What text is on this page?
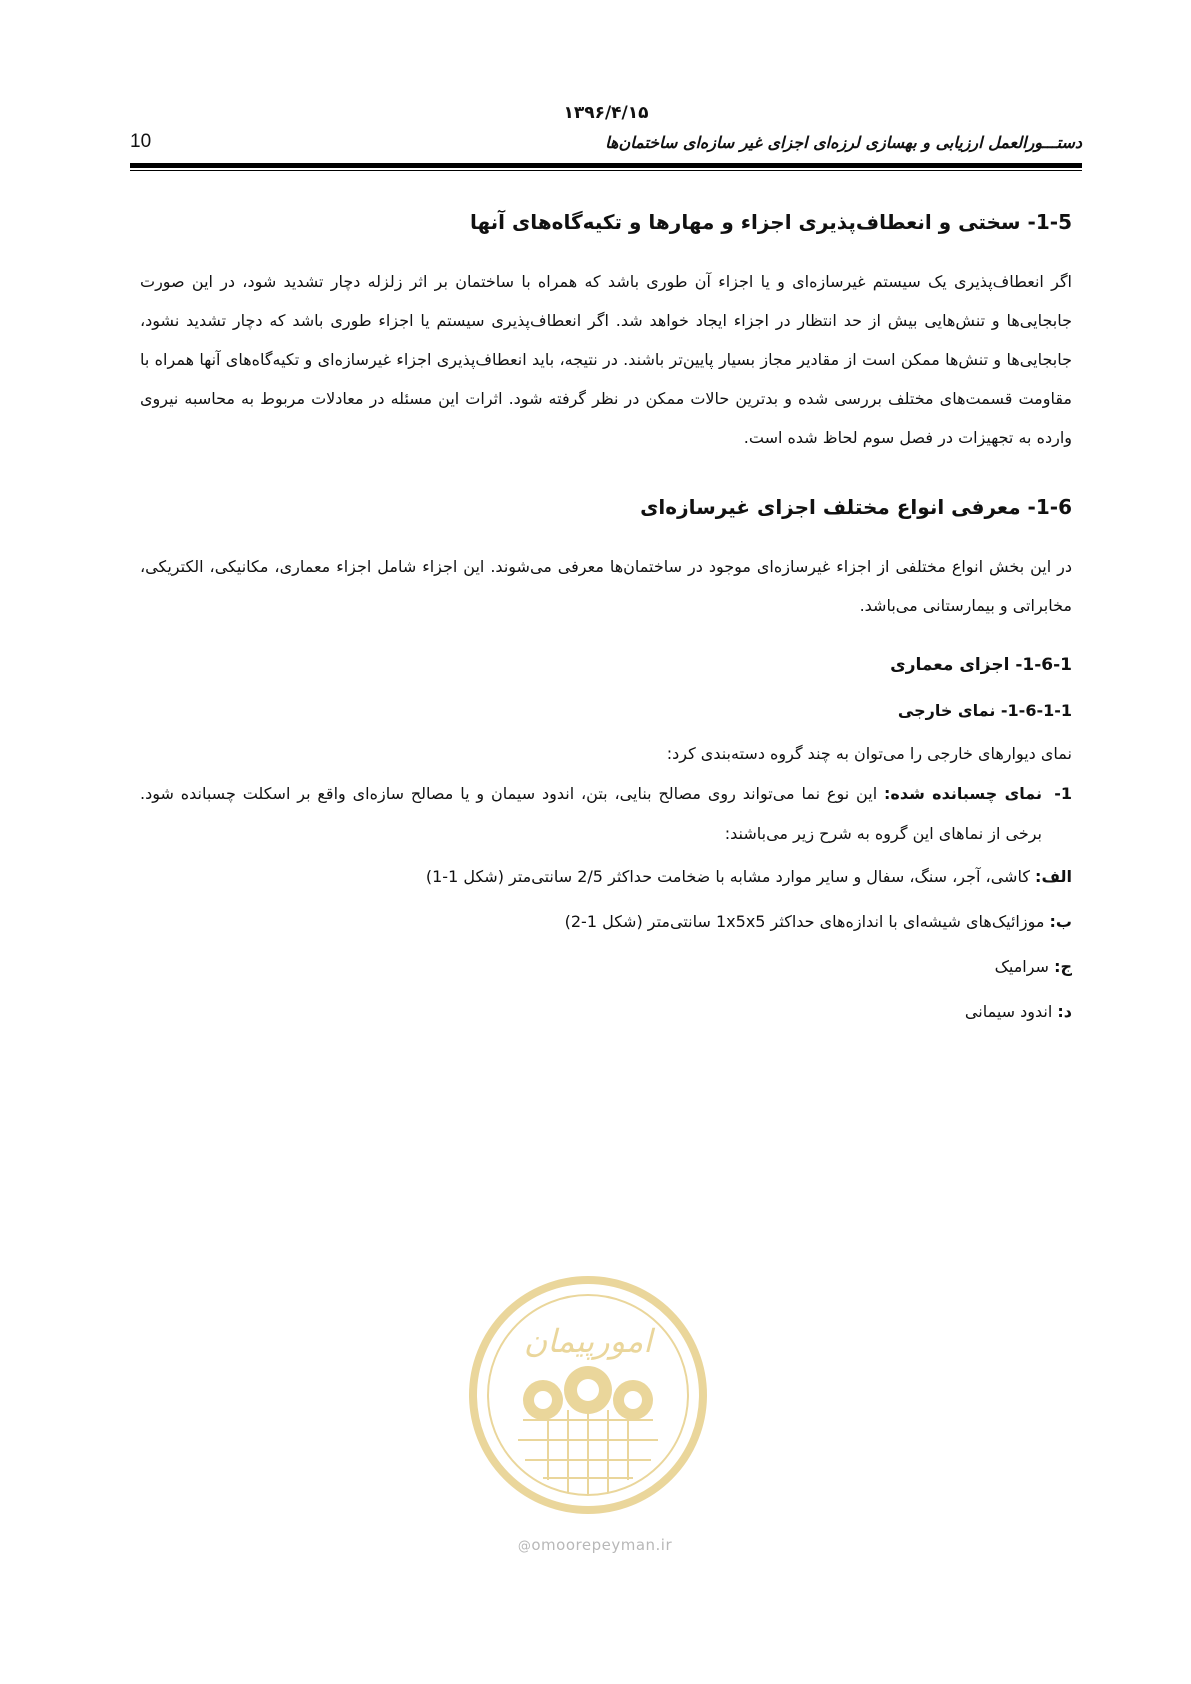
۱۳۹۶/۴/۱۵
دستـــورالعمل ارزیابی و بهسازی لرزه‌ای اجزای غیر سازه‌ای ساختمان‌ها
10
1-5- سختی و انعطاف‌پذیری اجزاء و مهارها و تکیه‌گاه‌های آنها

اگر انعطاف‌پذیری یک سیستم غیرسازه‌ای و یا اجزاء آن طوری باشد که همراه با ساختمان بر اثر زلزله دچار تشدید شود، در این صورت جابجایی‌ها و تنش‌هایی بیش از حد انتظار در اجزاء ایجاد خواهد شد. اگر انعطاف‌پذیری سیستم یا اجزاء طوری باشد که دچار تشدید نشود، جابجایی‌ها و تنش‌ها ممکن است از مقادیر مجاز بسیار پایین‌تر باشند. در نتیجه، باید انعطاف‌پذیری اجزاء غیرسازه‌ای و تکیه‌گاه‌های آنها همراه با مقاومت قسمت‌های مختلف بررسی شده و بدترین حالات ممکن در نظر گرفته شود. اثرات این مسئله در معادلات مربوط به محاسبه نیروی وارده به تجهیزات در فصل سوم لحاظ شده است.

1-6- معرفی انواع مختلف اجزای غیرسازه‌ای

در این بخش انواع مختلفی از اجزاء غیرسازه‌ای موجود در ساختمان‌ها معرفی می‌شوند. این اجزاء شامل اجزاء معماری، مکانیکی، الکتریکی، مخابراتی و بیمارستانی می‌باشد.

1-6-1- اجزای معماری
1-6-1-1- نمای خارجی
نمای دیوارهای خارجی را می‌توان به چند گروه دسته‌بندی کرد:
1-
نمای چسبانده شده: این نوع نما می‌تواند روی مصالح بنایی، بتن، اندود سیمان و یا مصالح سازه‌ای واقع بر اسکلت چسبانده شود. برخی از نماهای این گروه به شرح زیر می‌باشند:
الف: کاشی، آجر، سنگ، سفال و سایر موارد مشابه با ضخامت حداکثر 2/5 سانتی‌متر (شکل 1-1)
ب: موزائیک‌های شیشه‌ای با اندازه‌های حداکثر 1x5x5 سانتی‌متر (شکل 1-2)
ج: سرامیک
د: اندود سیمانی
امورپیمان
@omoorepeyman.ir
